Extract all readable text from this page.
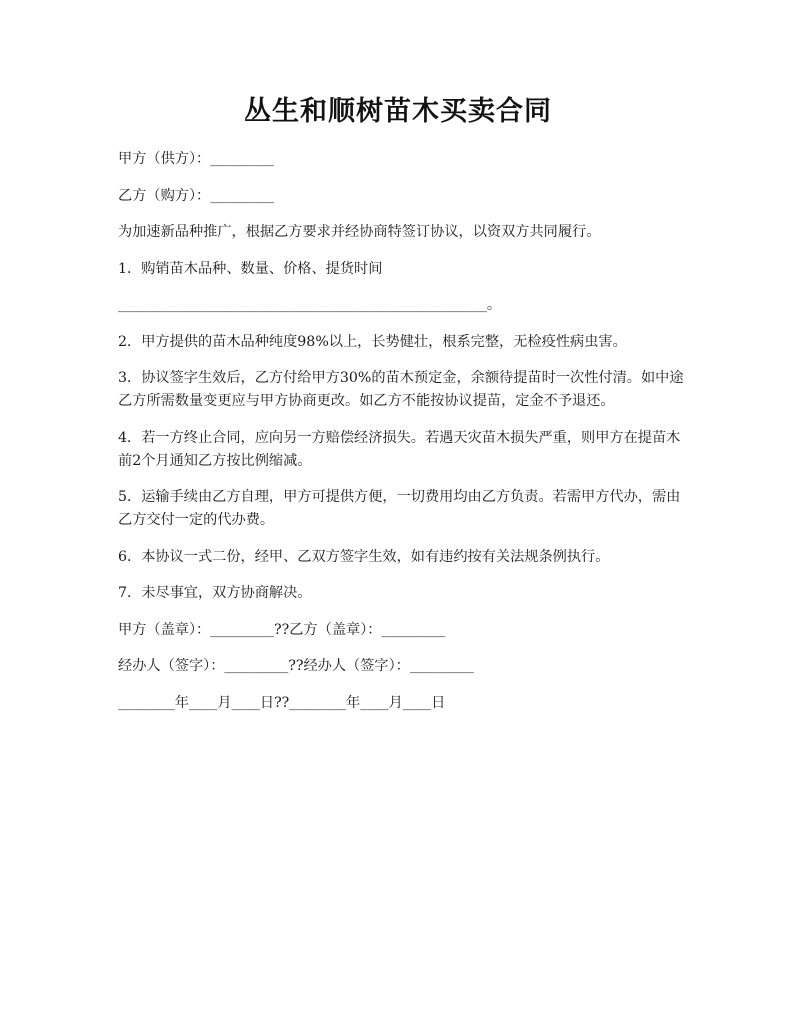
丛生和顺树苗木买卖合同

甲方（供方）：_________

乙方（购方）：_________

为加速新品种推广，根据乙方要求并经协商特签订协议，以资双方共同履行。

1．购销苗木品种、数量、价格、提货时间

____________________________________________________。

2．甲方提供的苗木品种纯度98%以上，长势健壮，根系完整，无检疫性病虫害。

3．协议签字生效后，乙方付给甲方30%的苗木预定金，余额待提苗时一次性付清。如中途乙方所需数量变更应与甲方协商更改。如乙方不能按协议提苗，定金不予退还。

4．若一方终止合同，应向另一方赔偿经济损失。若遇天灾苗木损失严重，则甲方在提苗木前2个月通知乙方按比例缩减。

5．运输手续由乙方自理，甲方可提供方便，一切费用均由乙方负责。若需甲方代办，需由乙方交付一定的代办费。

6．本协议一式二份，经甲、乙双方签字生效，如有违约按有关法规条例执行。

7．未尽事宜，双方协商解决。

甲方（盖章）：_________??乙方（盖章）：_________

经办人（签字）：_________??经办人（签字）：_________

________年____月____日??________年____月____日
